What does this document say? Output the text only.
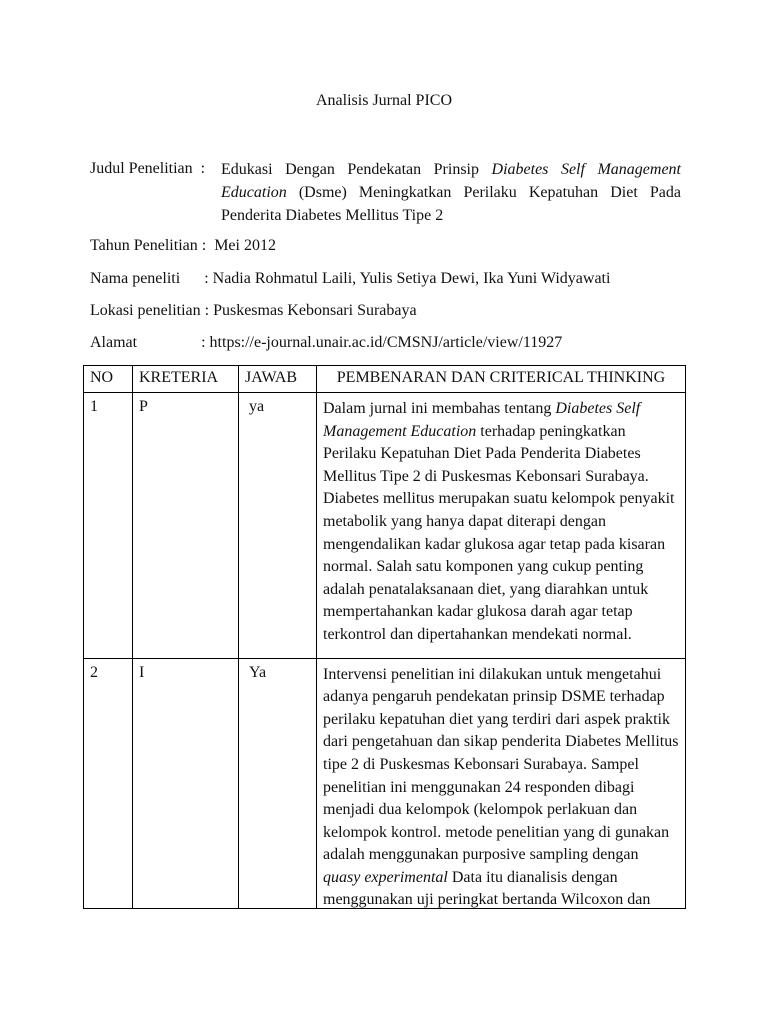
Analisis Jurnal PICO
Judul Penelitian  : Edukasi Dengan Pendekatan Prinsip Diabetes Self Management Education (Dsme) Meningkatkan Perilaku Kepatuhan Diet Pada Penderita Diabetes Mellitus Tipe 2
Tahun Penelitian :  Mei 2012
Nama peneliti      : Nadia Rohmatul Laili, Yulis Setiya Dewi, Ika Yuni Widyawati
Lokasi penelitian : Puskesmas Kebonsari Surabaya
Alamat                : https://e-journal.unair.ac.id/CMSNJ/article/view/11927
NO	KRETERIA	JAWAB	PEMBENARAN DAN CRITERICAL THINKING
1	P	ya	Dalam jurnal ini membahas tentang Diabetes Self Management Education terhadap peningkatkan Perilaku Kepatuhan Diet Pada Penderita Diabetes Mellitus Tipe 2 di Puskesmas Kebonsari Surabaya. Diabetes mellitus merupakan suatu kelompok penyakit metabolik yang hanya dapat diterapi dengan mengendalikan kadar glukosa agar tetap pada kisaran normal. Salah satu komponen yang cukup penting adalah penatalaksanaan diet, yang diarahkan untuk mempertahankan kadar glukosa darah agar tetap terkontrol dan dipertahankan mendekati normal.
2	I	Ya	Intervensi penelitian ini dilakukan untuk mengetahui adanya pengaruh pendekatan prinsip DSME terhadap perilaku kepatuhan diet yang terdiri dari aspek praktik dari pengetahuan dan sikap penderita Diabetes Mellitus tipe 2 di Puskesmas Kebonsari Surabaya. Sampel penelitian ini menggunakan 24 responden dibagi menjadi dua kelompok (kelompok perlakuan dan kelompok kontrol. metode penelitian yang di gunakan adalah menggunakan purposive sampling dengan quasy experimental Data itu dianalisis dengan menggunakan uji peringkat bertanda Wilcoxon dan
